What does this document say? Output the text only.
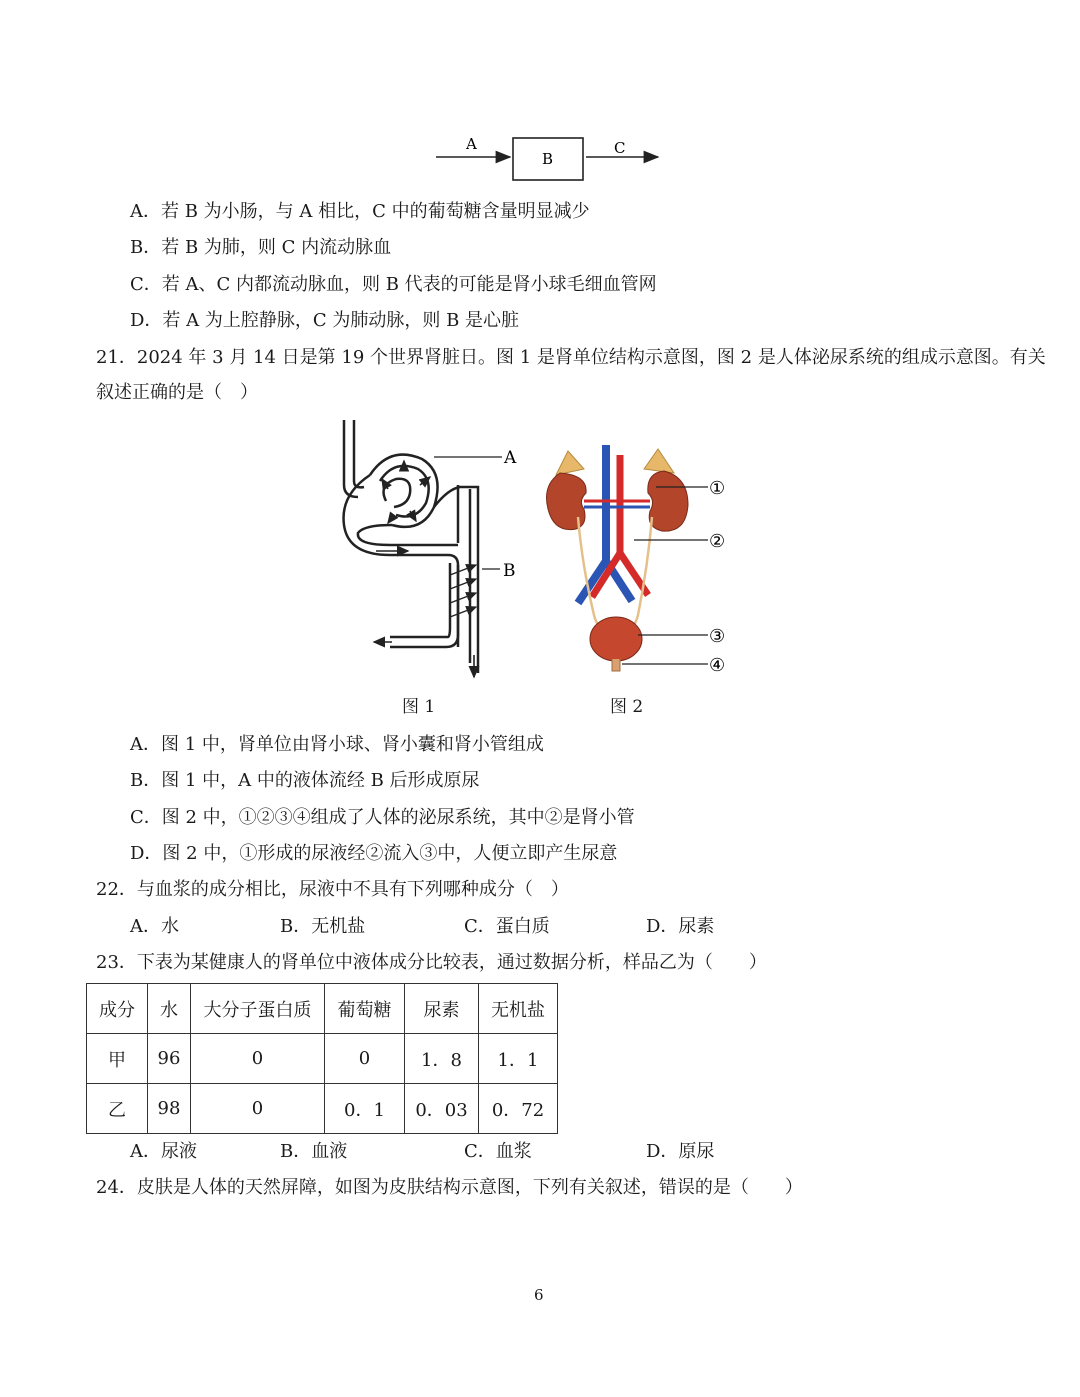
A
B
C
A．若 B 为小肠，与 A 相比，C 中的葡萄糖含量明显减少
B．若 B 为肺，则 C 内流动脉血
C．若 A、C 内都流动脉血，则 B 代表的可能是肾小球毛细血管网
D．若 A 为上腔静脉，C 为肺动脉，则 B 是心脏
21．2024 年 3 月 14 日是第 19 个世界肾脏日。图 1 是肾单位结构示意图，图 2 是人体泌尿系统的组成示意图。有关
叙述正确的是（　）
A
B
①
②
③
④
图 1	图 2
A．图 1 中，肾单位由肾小球、肾小囊和肾小管组成
B．图 1 中，A 中的液体流经 B 后形成原尿
C．图 2 中，①②③④组成了人体的泌尿系统，其中②是肾小管
D．图 2 中，①形成的尿液经②流入③中，人便立即产生尿意
22．与血浆的成分相比，尿液中不具有下列哪种成分（　）
A．水	B．无机盐	C．蛋白质	D．尿素
23．下表为某健康人的肾单位中液体成分比较表，通过数据分析，样品乙为（　　）
成分	水	大分子蛋白质	葡萄糖	尿素	无机盐
甲	96	0	0	1．8	1．1
乙	98	0	0．1	0．03	0．72
A．尿液	B．血液	C．血浆	D．原尿
24．皮肤是人体的天然屏障，如图为皮肤结构示意图，下列有关叙述，错误的是（　　）
6
